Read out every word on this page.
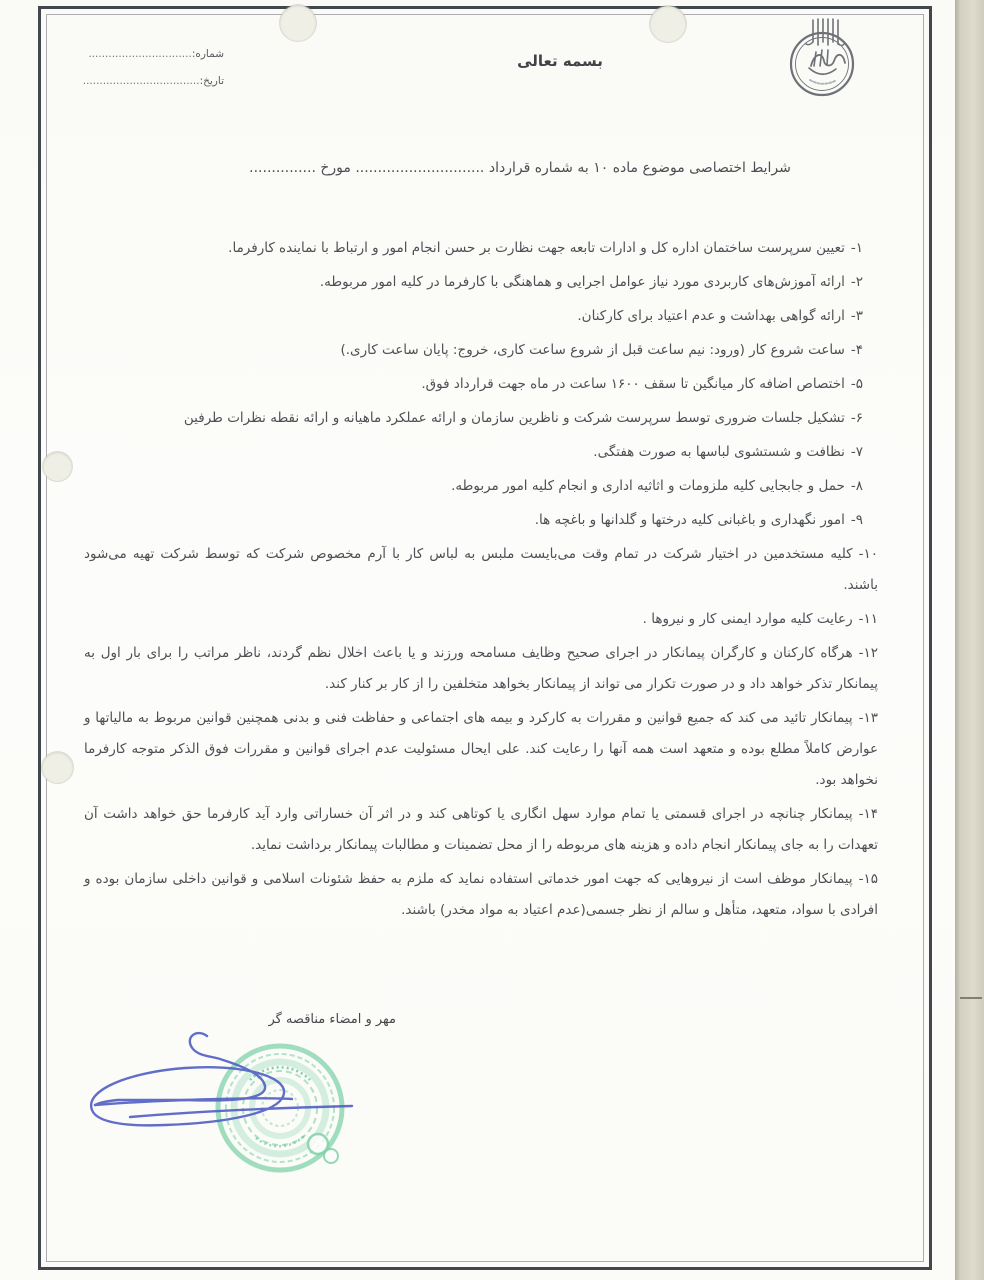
شماره:...............................
تاریخ:...................................
بسمه تعالی
شرایط اختصاصی موضوع ماده ۱۰ به شماره قرارداد ............................. مورخ ...............
۱-تعیین سرپرست ساختمان اداره کل و ادارات تابعه جهت نظارت بر حسن انجام امور و ارتباط با نماینده کارفرما.
۲-ارائه آموزش‌های کاربردی مورد نیاز عوامل اجرایی و هماهنگی با کارفرما در کلیه امور مربوطه.
۳-ارائه گواهی بهداشت و عدم اعتیاد برای کارکنان.
۴-ساعت شروع کار (ورود: نیم ساعت قبل از شروع ساعت کاری، خروج: پایان ساعت کاری.)
۵-اختصاص اضافه کار میانگین تا سقف ۱۶۰۰ ساعت در ماه جهت قرارداد فوق.
۶-تشکیل جلسات ضروری توسط سرپرست شرکت و ناظرین سازمان و ارائه عملکرد ماهیانه و ارائه نقطه نظرات طرفین
۷-نظافت و شستشوی لباسها به صورت هفتگی.
۸-حمل و جابجایی کلیه ملزومات و اثاثیه اداری و انجام کلیه امور مربوطه.
۹-امور نگهداری و باغبانی کلیه درختها و گلدانها و باغچه ها.
۱۰-کلیه مستخدمین در اختیار شرکت در تمام وقت می‌بایست ملبس به لباس کار با آرم مخصوص شرکت که توسط شرکت تهیه می‌شود باشند.
۱۱-رعایت کلیه موارد ایمنی کار و نیروها .
۱۲-هرگاه کارکنان و کارگران پیمانکار در اجرای صحیح وظایف مسامحه ورزند و یا باعث اخلال نظم گردند، ناظر مراتب را برای بار اول به پیمانکار تذکر خواهد داد و در صورت تکرار می تواند از پیمانکار بخواهد متخلفین را از کار بر کنار کند.
۱۳-پیمانکار تائید می کند که جمیع قوانین و مقررات به کارکرد و بیمه های اجتماعی و حفاظت فنی و بدنی همچنین قوانین مربوط به مالیاتها و عوارض کاملاً مطلع بوده و متعهد است همه آنها را رعایت کند. علی ایحال مسئولیت عدم اجرای قوانین و مقررات فوق الذکر متوجه کارفرما نخواهد بود.
۱۴-پیمانکار چنانچه در اجرای قسمتی یا تمام موارد سهل انگاری یا کوتاهی کند و در اثر آن خساراتی وارد آید کارفرما حق خواهد داشت آن تعهدات را به جای پیمانکار انجام داده و هزینه های مربوطه را از محل تضمینات و مطالبات پیمانکار برداشت نماید.
۱۵-پیمانکار موظف است از نیروهایی که جهت امور خدماتی استفاده نماید که ملزم به حفظ شئونات اسلامی و قوانین داخلی سازمان بوده و افرادی با سواد، متعهد، متأهل و سالم از نظر جسمی(عدم اعتیاد به مواد مخدر) باشند.
مهر و امضاء مناقصه گر
